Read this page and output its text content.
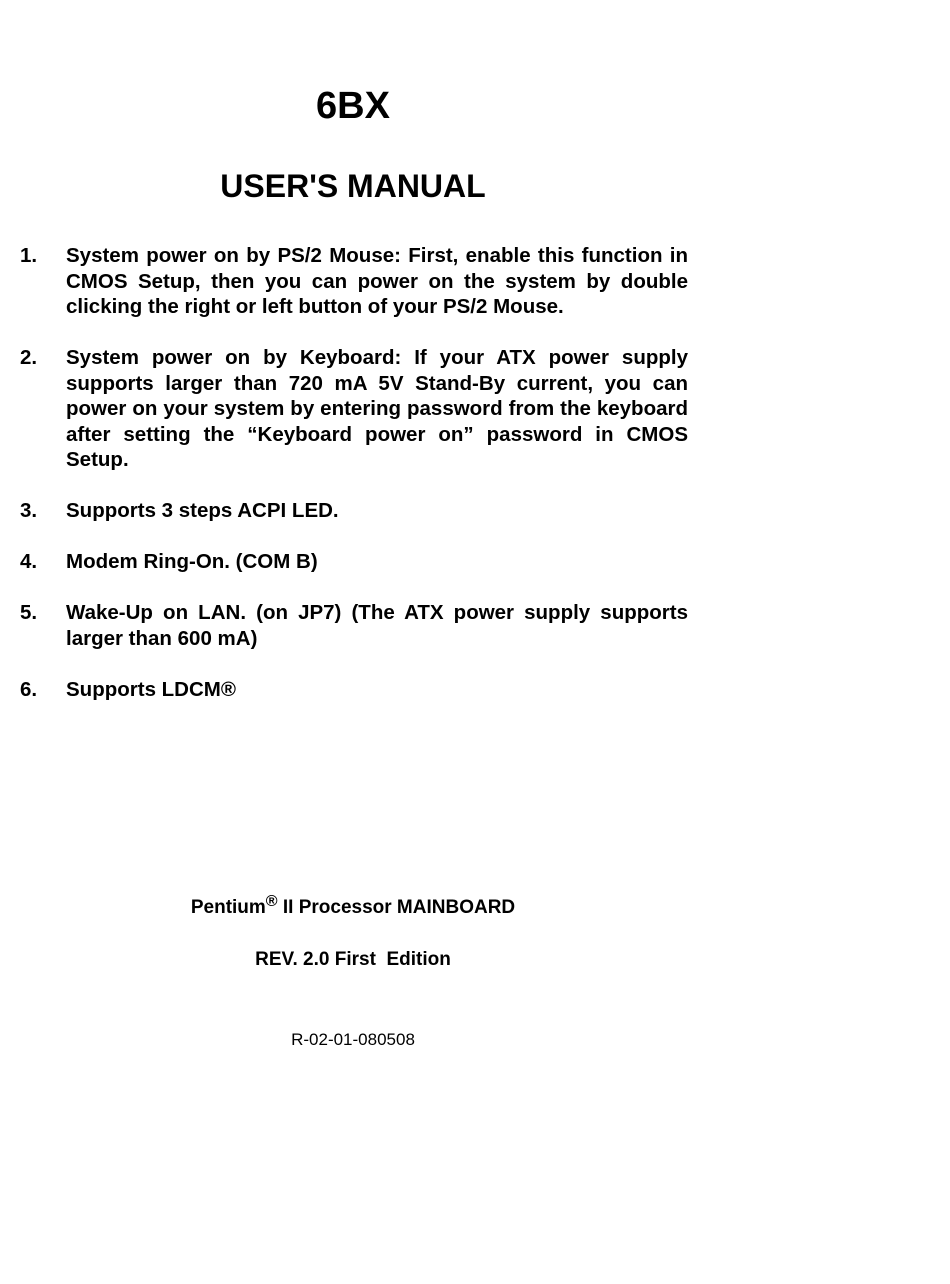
6BX
USER'S MANUAL
1.	System power on by PS/2 Mouse: First, enable this function in CMOS Setup, then you can power on the system by double clicking the right or left button of your PS/2 Mouse.
2.	System power on by Keyboard: If your ATX power supply supports larger than 720 mA 5V Stand-By current, you can power on your system by entering password from the keyboard after setting the “Keyboard power on” password in CMOS Setup.
3.	Supports 3 steps ACPI LED.
4.	Modem Ring-On. (COM B)
5.	Wake-Up on LAN. (on JP7) (The ATX power supply supports larger than 600 mA)
6.	Supports LDCM®
Pentium® II Processor MAINBOARD
REV. 2.0 First  Edition
R-02-01-080508
